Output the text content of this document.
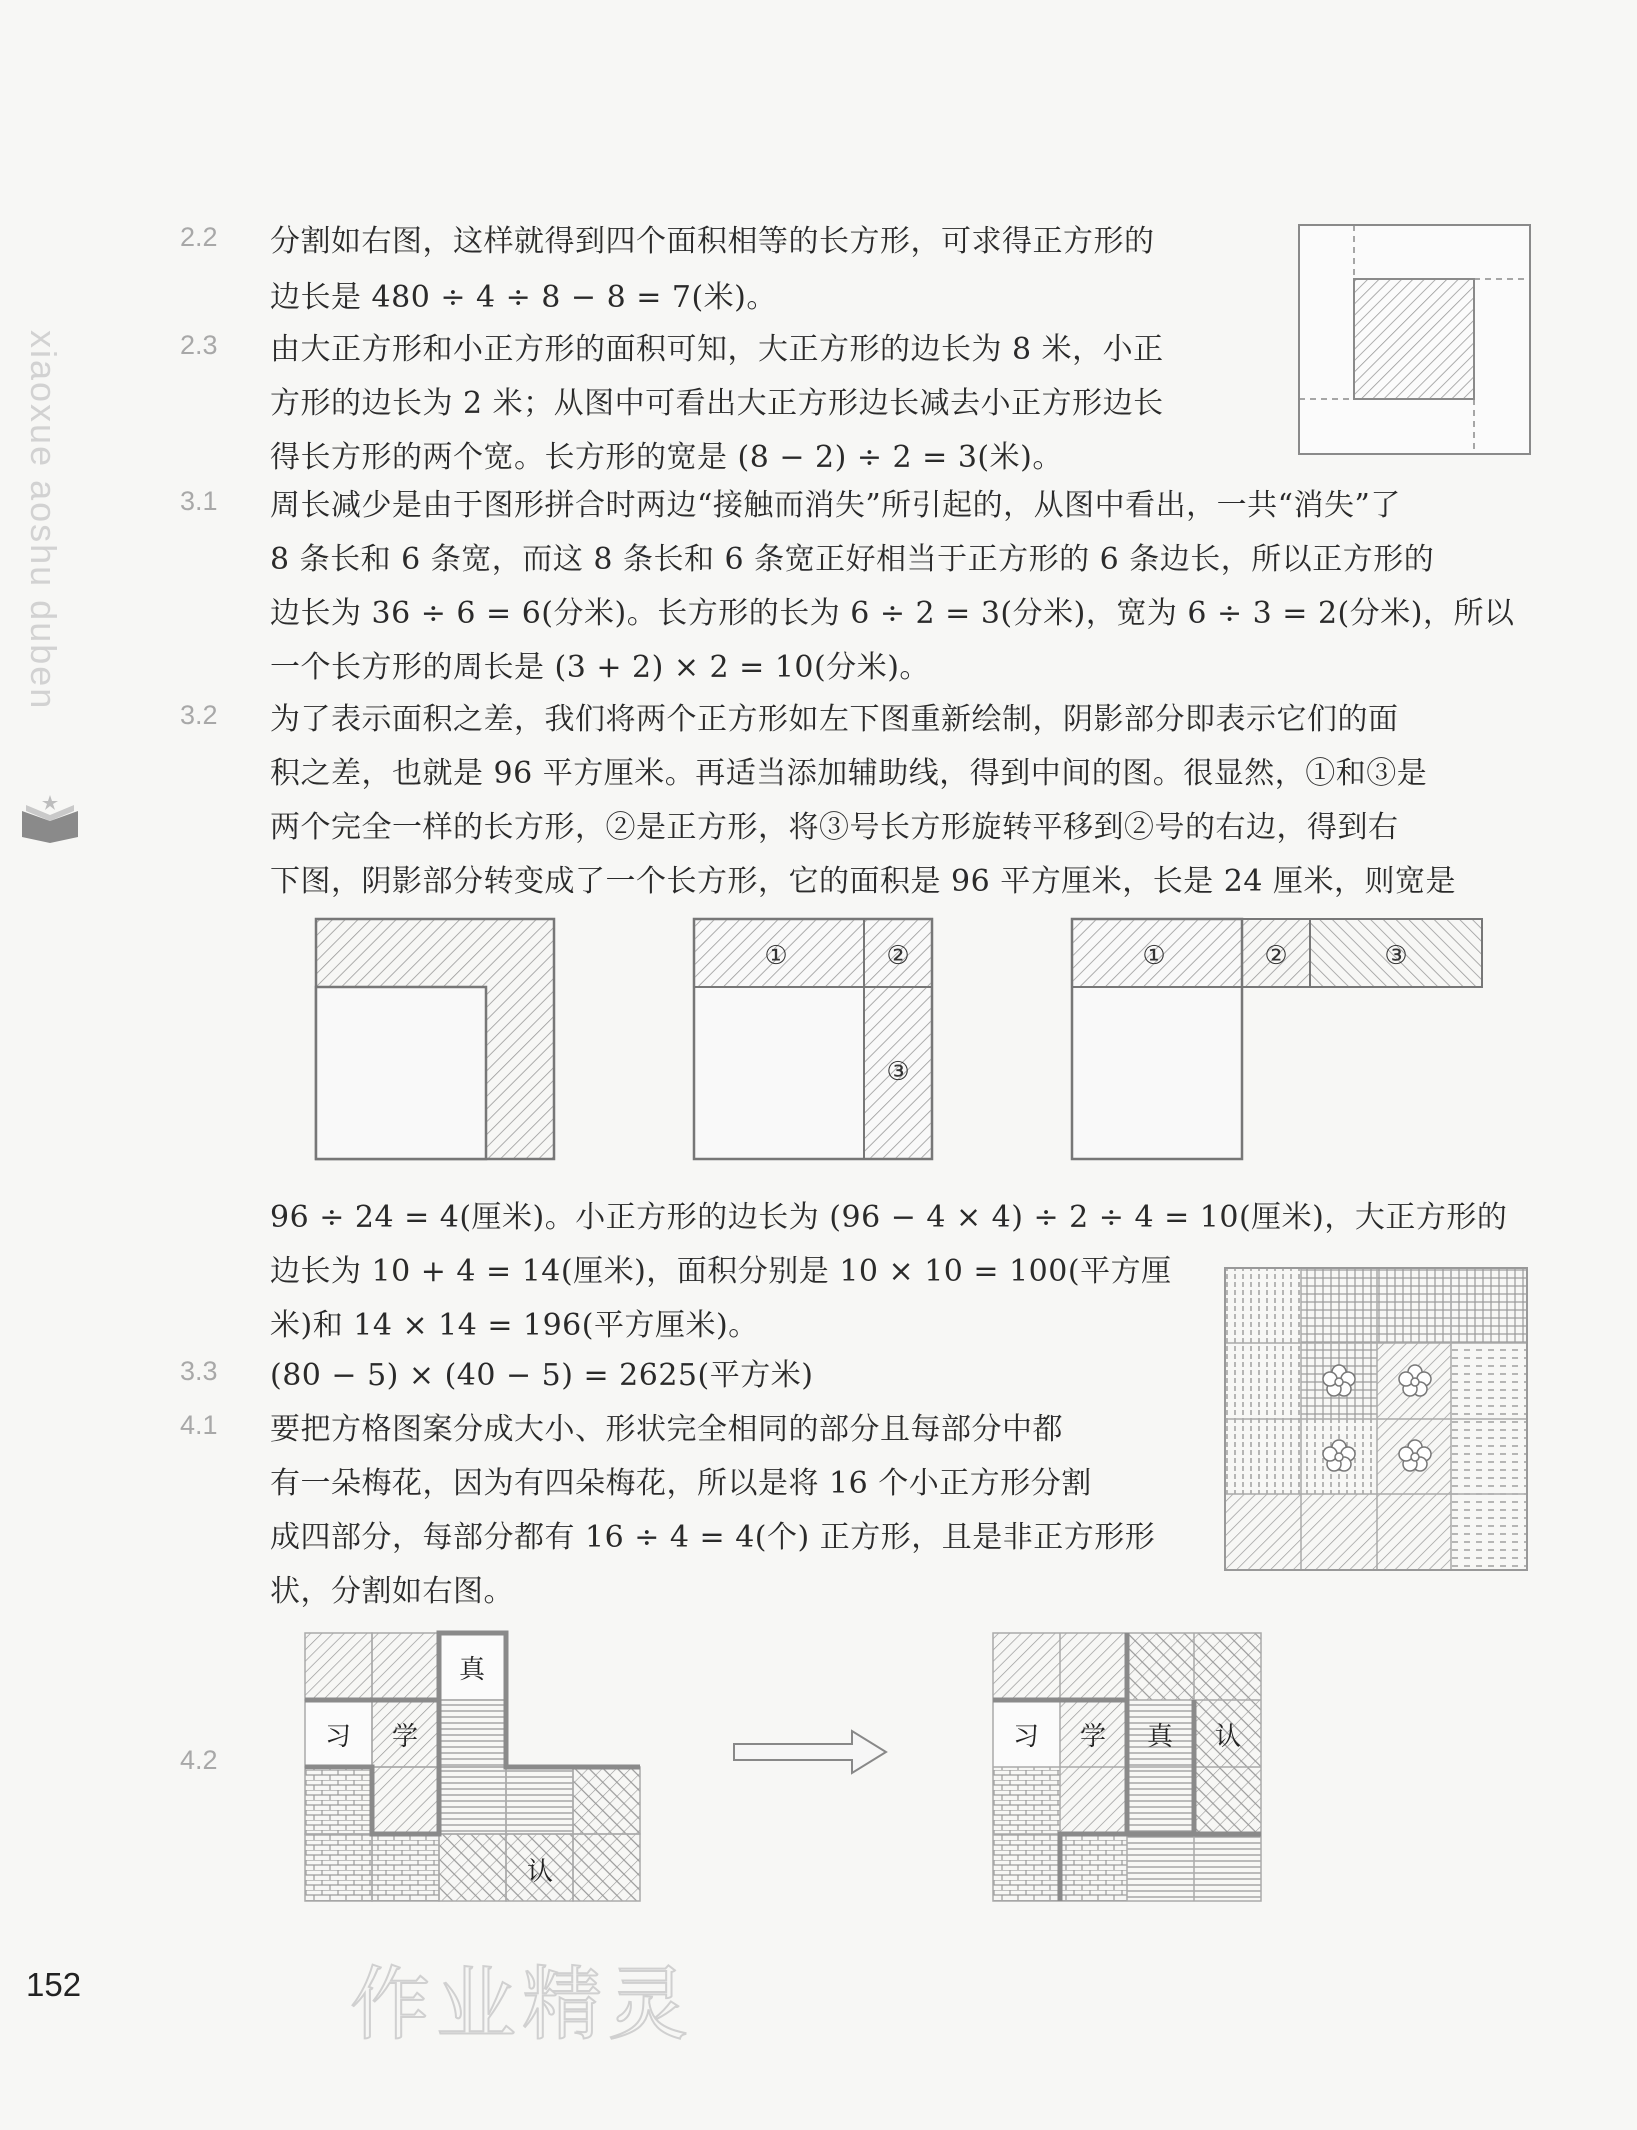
xiaoxue aoshu duben
2.2 分割如右图，这样就得到四个面积相等的长方形，可求得正方形的
边长是 480 ÷ 4 ÷ 8 − 8 = 7(米)。
2.3 由大正方形和小正方形的面积可知，大正方形的边长为 8 米，小正
方形的边长为 2 米；从图中可看出大正方形边长减去小正方形边长
得长方形的两个宽。长方形的宽是 (8 − 2) ÷ 2 = 3(米)。
3.1 周长减少是由于图形拼合时两边“接触而消失”所引起的，从图中看出，一共“消失”了
8 条长和 6 条宽，而这 8 条长和 6 条宽正好相当于正方形的 6 条边长，所以正方形的
边长为 36 ÷ 6 = 6(分米)。长方形的长为 6 ÷ 2 = 3(分米)，宽为 6 ÷ 3 = 2(分米)，所以
一个长方形的周长是 (3 + 2) × 2 = 10(分米)。
3.2 为了表示面积之差，我们将两个正方形如左下图重新绘制，阴影部分即表示它们的面
积之差，也就是 96 平方厘米。再适当添加辅助线，得到中间的图。很显然，①和③是
两个完全一样的长方形，②是正方形，将③号长方形旋转平移到②号的右边，得到右
下图，阴影部分转变成了一个长方形，它的面积是 96 平方厘米，长是 24 厘米，则宽是
①	②
③
①	②	③
96 ÷ 24 = 4(厘米)。小正方形的边长为 (96 − 4 × 4) ÷ 2 ÷ 4 = 10(厘米)，大正方形的
边长为 10 + 4 = 14(厘米)，面积分别是 10 × 10 = 100(平方厘
米)和 14 × 14 = 196(平方厘米)。
3.3 (80 − 5) × (40 − 5) = 2625(平方米)
4.1 要把方格图案分成大小、形状完全相同的部分且每部分中都
有一朵梅花，因为有四朵梅花，所以是将 16 个小正方形分割
成四部分，每部分都有 16 ÷ 4 = 4(个) 正方形，且是非正方形形
状，分割如右图。
4.2
习 学
真
认
习 学 真 认
152	作业精灵
